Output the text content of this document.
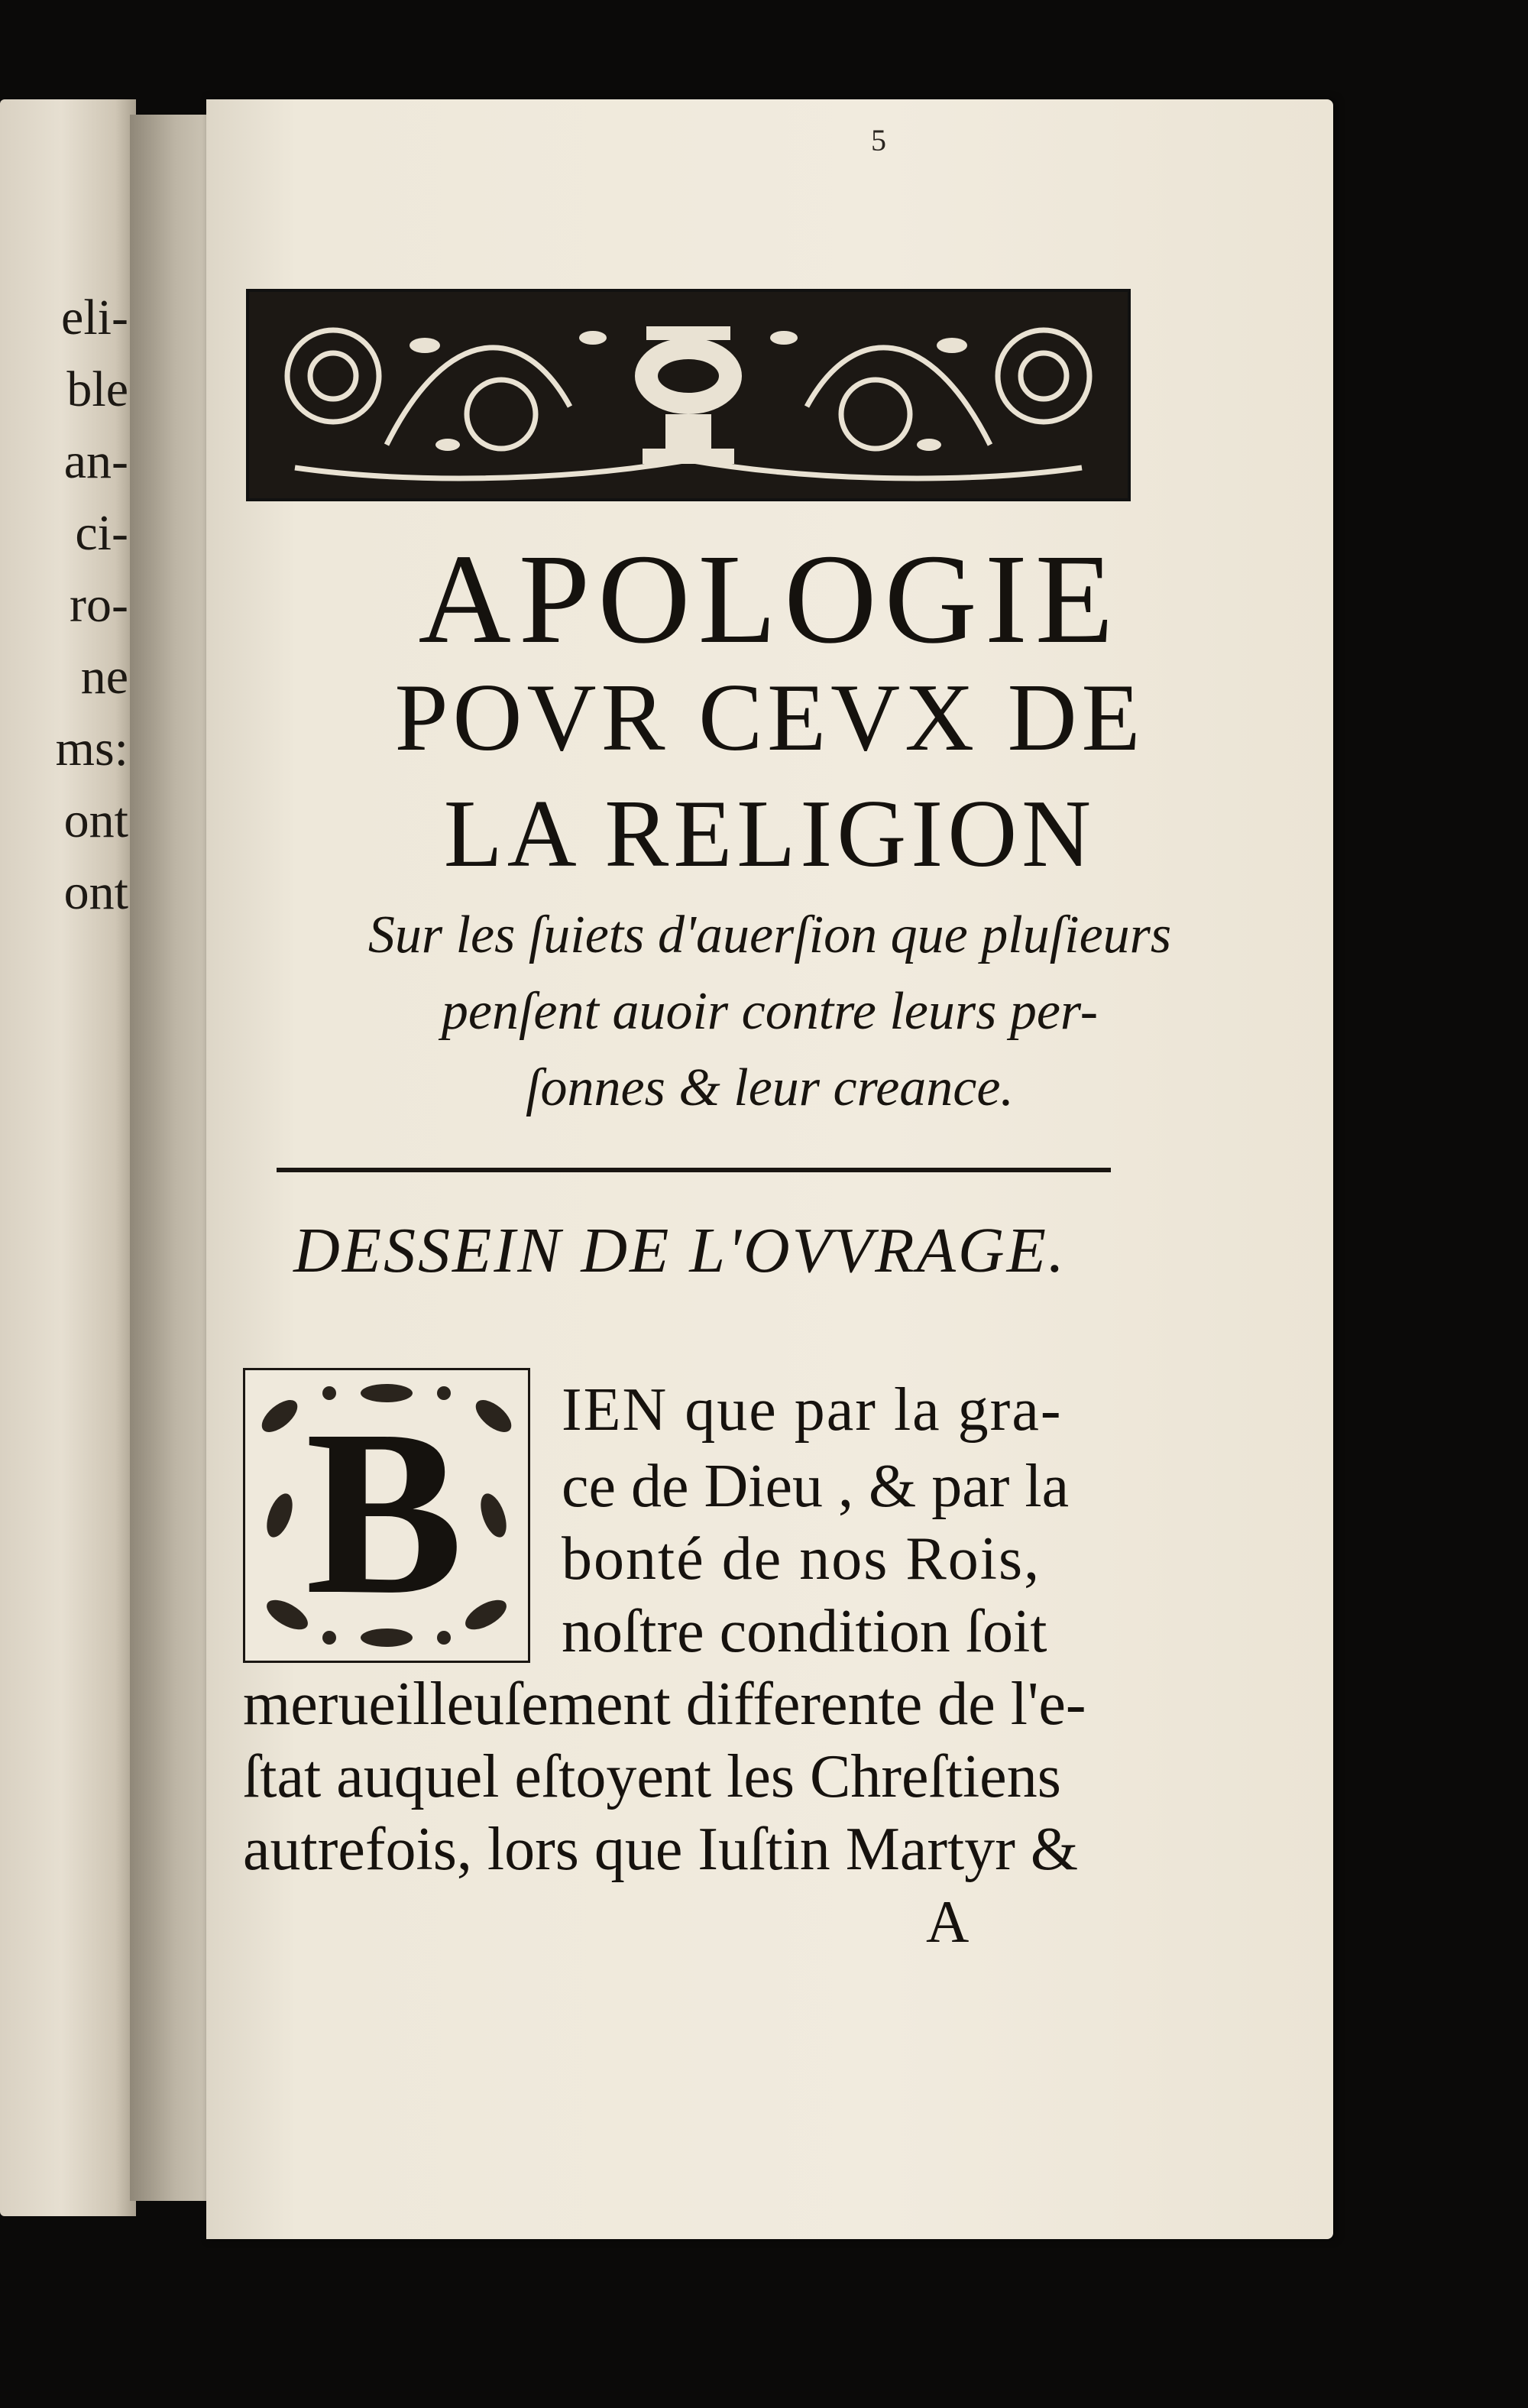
eli-
ble
an-
ci-
ro-
ne
ms:
ont
ont
5
APOLOGIE
POVR CEVX DE
LA RELIGION
Sur les ſuiets d'auerſion que pluſieurs
penſent auoir contre leurs per-
ſonnes & leur creance.
DESSEIN DE L'OVVRAGE.
B	IEN que par la gra-
ce de Dieu , & par la
bonté de nos Rois,
noſtre condition ſoit
merueilleuſement differente de l'e-
ſtat auquel eſtoyent les Chreſtiens
autrefois, lors que Iuſtin Martyr &
A
